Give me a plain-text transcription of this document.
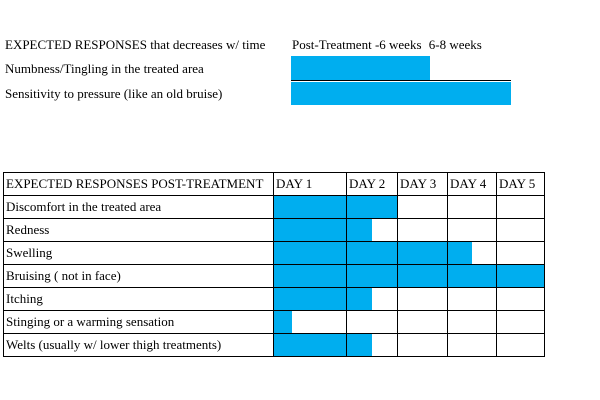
EXPECTED RESPONSES that decreases w/ time Post-Treatment -6 weeks 6-8 weeks
Numbness/Tingling in the treated area
Sensitivity to pressure (like an old bruise)
EXPECTED RESPONSES POST-TREATMENT	DAY 1	DAY 2	DAY 3	DAY 4	DAY 5
Discomfort in the treated area	

Redness	

Swelling	

Bruising ( not in face)	

Itching	

Stinging or a warming sensation	

Welts (usually w/ lower thigh treatments)	
